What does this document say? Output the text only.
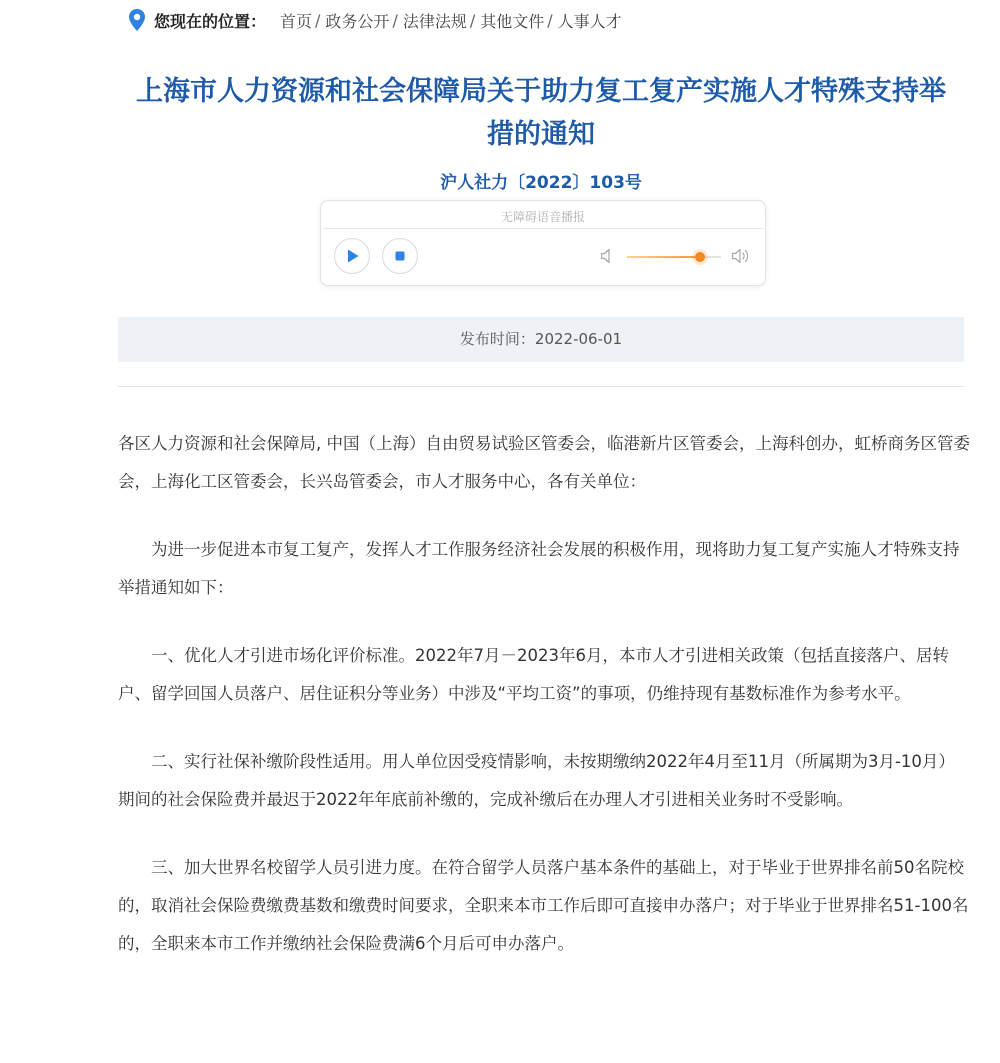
您现在的位置： 首页 / 政务公开 / 法律法规 / 其他文件 / 人事人才
上海市人力资源和社会保障局关于助力复工复产实施人才特殊支持举
措的通知
沪人社力〔2022〕103号
无障碍语音播报
发布时间：2022-06-01

各区人力资源和社会保障局, 中国（上海）自由贸易试验区管委会，临港新片区管委会，上海科创办，虹桥商务区管委会，上海化工区管委会，长兴岛管委会，市人才服务中心，各有关单位：

为进一步促进本市复工复产，发挥人才工作服务经济社会发展的积极作用，现将助力复工复产实施人才特殊支持举措通知如下：

一、优化人才引进市场化评价标准。2022年7月－2023年6月，本市人才引进相关政策（包括直接落户、居转户、留学回国人员落户、居住证积分等业务）中涉及“平均工资”的事项，仍维持现有基数标准作为参考水平。

二、实行社保补缴阶段性适用。用人单位因受疫情影响，未按期缴纳2022年4月至11月（所属期为3月-10月）期间的社会保险费并最迟于2022年年底前补缴的，完成补缴后在办理人才引进相关业务时不受影响。

三、加大世界名校留学人员引进力度。在符合留学人员落户基本条件的基础上，对于毕业于世界排名前50名院校的，取消社会保险费缴费基数和缴费时间要求，全职来本市工作后即可直接申办落户；对于毕业于世界排名51-100名的，全职来本市工作并缴纳社会保险费满6个月后可申办落户。
